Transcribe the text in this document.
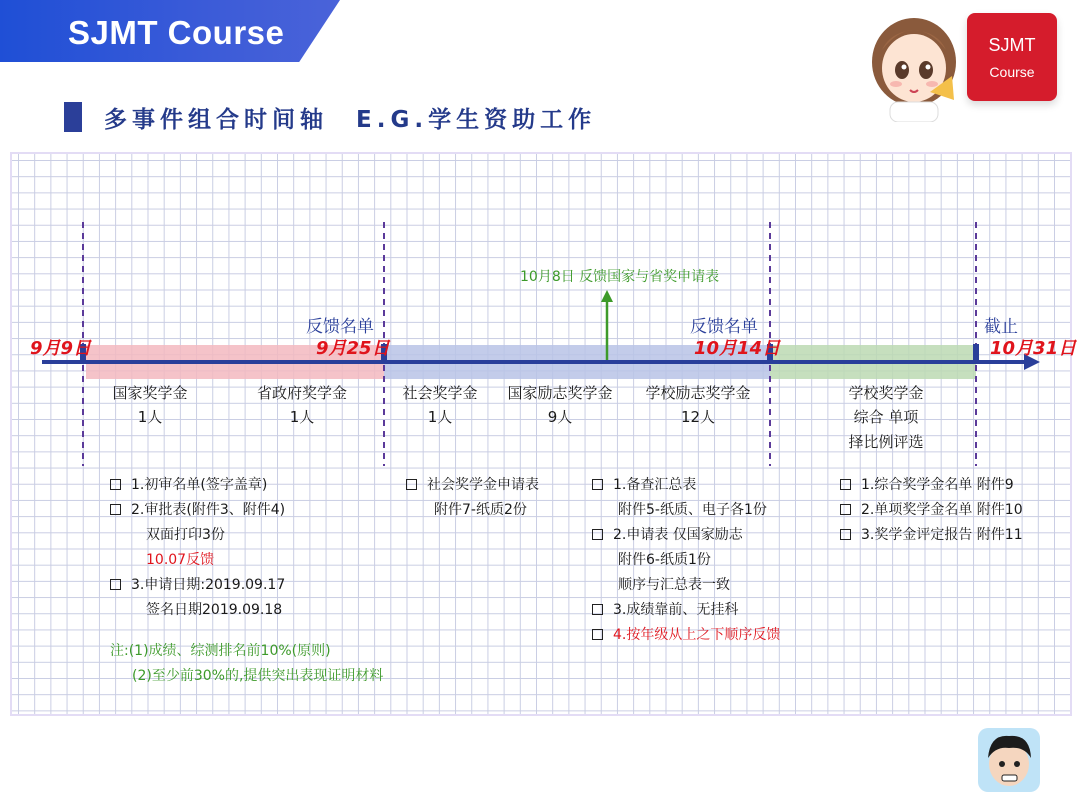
SJMT Course
多事件组合时间轴　E.G.学生资助工作
SJMT
Course
9月9日	9月25日	10月14日	10月31日
反馈名单	反馈名单	截止
10月8日 反馈国家与省奖申请表
国家奖学金
1人
省政府奖学金
1人
社会奖学金
1人
国家励志奖学金
9人
学校励志奖学金
12人
学校奖学金
综合 单项
择比例评选
1.初审名单(签字盖章)
2.审批表(附件3、附件4)
双面打印3份
10.07反馈
3.申请日期:2019.09.17
签名日期2019.09.18
注:(1)成绩、综测排名前10%(原则)
(2)至少前30%的,提供突出表现证明材料
社会奖学金申请表
附件7-纸质2份
1.备查汇总表
附件5-纸质、电子各1份
2.申请表 仅国家励志
附件6-纸质1份
顺序与汇总表一致
3.成绩靠前、无挂科
4.按年级从上之下顺序反馈
1.综合奖学金名单 附件9
2.单项奖学金名单 附件10
3.奖学金评定报告 附件11
